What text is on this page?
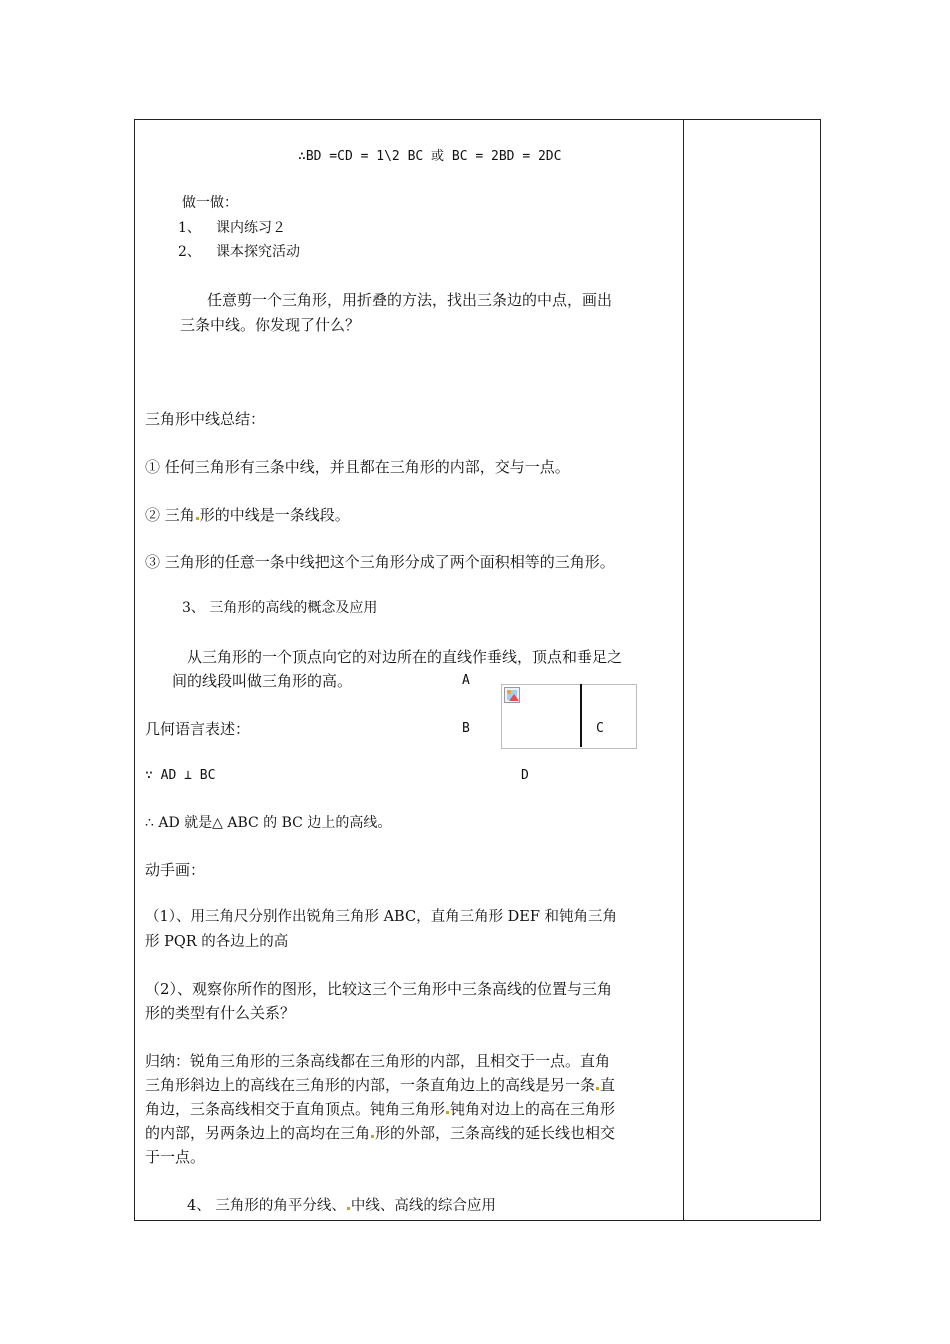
∴BD =CD = 1\2 BC 或 BC = 2BD = 2DC
做一做：
1、 课内练习２
2、 课本探究活动
任意剪一个三角形，用折叠的方法，找出三条边的中点，画出
三条中线。你发现了什么？
三角形中线总结：
① 任何三角形有三条中线，并且都在三角形的内部，交与一点。
② 三角 形的中线是一条线段。
③ 三角形的任意一条中线把这个三角形分成了两个面积相等的三角形。
3、 三角形的高线的概念及应用
从三角形的一个顶点向它的对边所在的直线作垂线，顶点和垂足之
间的线段叫做三角形的高。	A
几何语言表述：	B	C
∵ AD ⊥ BC	D
∴ AD 就是△ ABC 的 BC 边上的高线。
动手画：
（1）、用三角尺分别作出锐角三角形 ABC，直角三角形 DEF 和钝角三角
形 PQR 的各边上的高
（2）、观察你所作的图形，比较这三个三角形中三条高线的位置与三角
形的类型有什么关系？
归纳：锐角三角形的三条高线都在三角形的内部，且相交于一点。直角
三角形斜边上的高线在三角形的内部，一条直角边上的高线是另一条 直
角边，三条高线相交于直角顶点。钝角三角形 钝角对边上的高在三角形
的内部，另两条边上的高均在三角 形的外部，三条高线的延长线也相交
于一点。
4、 三角形的角平分线、 中线、高线的综合应用
